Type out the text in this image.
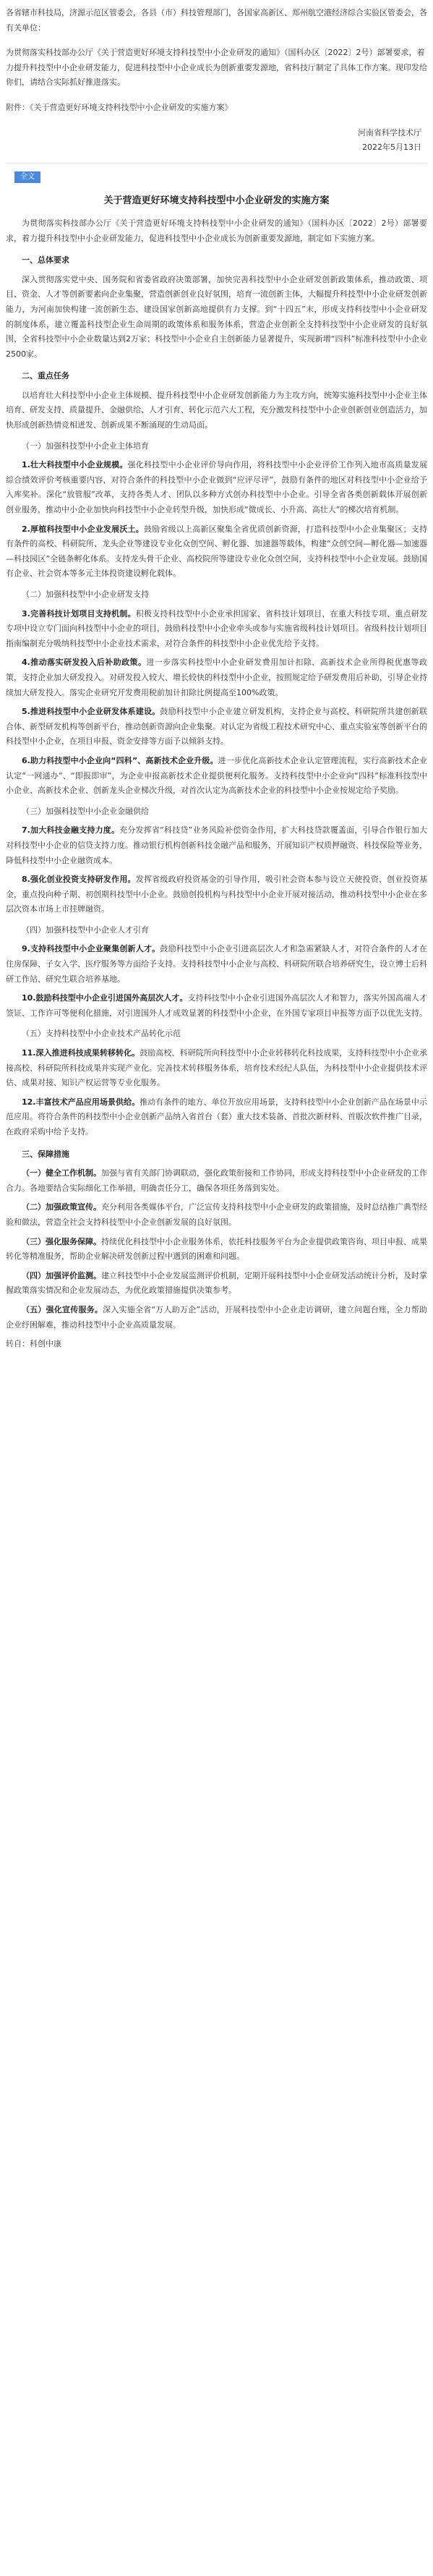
各省辖市科技局，济源示范区管委会，各县（市）科技管理部门，各国家高新区、郑州航空港经济综合实验区管委会，各有关单位：

为贯彻落实科技部办公厅《关于营造更好环境支持科技型中小企业研发的通知》（国科办区〔2022〕2号）部署要求，着力提升科技型中小企业研发能力，促进科技型中小企业成长为创新重要发源地，省科技厅制定了具体工作方案。现印发给你们，请结合实际抓好推进落实。

附件：《关于营造更好环境支持科技型中小企业研发的实施方案》

河南省科学技术厅

2022年5月13日

全文
关于营造更好环境支持科技型中小企业研发的实施方案

为贯彻落实科技部办公厅《关于营造更好环境支持科技型中小企业研发的通知》（国科办区〔2022〕2号）部署要求，着力提升科技型中小企业研发能力，促进科技型中小企业成长为创新重要发源地，制定如下实施方案。

一、总体要求

深入贯彻落实党中央、国务院和省委省政府决策部署，加快完善科技型中小企业研发创新政策体系，推动政策、项目、资金、人才等创新要素向企业集聚，营造创新创业良好氛围，培育一流创新主体，大幅提升科技型中小企业研发创新能力，为河南加快构建一流创新生态、建设国家创新高地提供有力支撑。到“十四五”末，形成支持科技型中小企业研发的制度体系，建立覆盖科技型企业生命周期的政策体系和服务体系，营造企业创新全支持科技型中小企业研发的良好氛围，全省科技型中小企业数量达到2万家；科技型中小企业自主创新能力显著提升，实现新增“四科”标准科技型中小企业2500家。

二、重点任务

以培育壮大科技型中小企业主体规模、提升科技型中小企业研发创新能力为主攻方向，统筹实施科技型中小企业主体培育、研发支持、质量提升、金融供给、人才引育、转化示范六大工程，充分激发科技型中小企业创新创业创造活力，加快形成创新热情竞相迸发、创新成果不断涌现的生动局面。

（一）加强科技型中小企业主体培育

1.壮大科技型中小企业规模。强化科技型中小企业评价导向作用，将科技型中小企业评价工作列入地市高质量发展综合绩效评价考核重要内容，对符合条件的科技型中小企业做到“应评尽评”，鼓励有条件的地区对科技型中小企业给予入库奖补。深化“放管服”改革，支持各类人才、团队以多种方式创办科技型中小企业。引导全省各类创新载体开展创新创业服务，推动中小企业加快向科技型中小企业转型升级，加快形成“微成长、小升高、高壮大”的梯次培育机制。

2.厚植科技型中小企业发展沃土。鼓励省级以上高新区聚集全省优质创新资源，打造科技型中小企业集聚区；支持有条件的高校、科研院所、龙头企业等建设专业化众创空间、孵化器、加速器等载体，构建“众创空间—孵化器—加速器—科技园区”全链条孵化体系。支持龙头骨干企业、高校院所等建设专业化众创空间，支持科技型中小企业发展。鼓励国有企业、社会资本等多元主体投资建设孵化载体。

（二）加强科技型中小企业研发支持

3.完善科技计划项目支持机制。积极支持科技型中小企业承担国家、省科技计划项目，在重大科技专项、重点研发专项中设立专门面向科技型中小企业的项目，鼓励科技型中小企业牵头或参与实施省级科技计划项目。省级科技计划项目指南编制充分吸纳科技型中小企业技术需求，对符合条件的科技型中小企业优先给予支持。

4.推动落实研发投入后补助政策。进一步落实科技型中小企业研发费用加计扣除、高新技术企业所得税优惠等政策，支持企业加大研发投入。对研发投入较大、增长较快的科技型中小企业，按照规定给予研发费用后补助，引导企业持续加大研发投入。落实企业研究开发费用税前加计扣除比例提高至100%政策。

5.推进科技型中小企业研发体系建设。鼓励科技型中小企业建立研发机构，支持企业与高校、科研院所共建创新联合体、新型研发机构等创新平台，推动创新资源向企业集聚。对认定为省级工程技术研究中心、重点实验室等创新平台的科技型中小企业，在项目申报、资金安排等方面予以倾斜支持。

6.助力科技型中小企业向“四科”、高新技术企业升级。进一步优化高新技术企业认定管理流程，实行高新技术企业认定“一网通办”、“即报即审”，为企业申报高新技术企业提供便利化服务。支持科技型中小企业向“四科”标准科技型中小企业、高新技术企业、创新龙头企业梯次升级，对首次认定为高新技术企业的科技型中小企业按规定给予奖励。

（三）加强科技型中小企业金融供给

7.加大科技金融支持力度。充分发挥省“科技贷”业务风险补偿资金作用，扩大科技贷款覆盖面，引导合作银行加大对科技型中小企业的信贷支持力度。推动银行机构创新科技金融产品和服务，开展知识产权质押融资、科技保险等业务，降低科技型中小企业融资成本。

8.强化创业投资支持研发作用。发挥省级政府投资基金的引导作用，吸引社会资本参与设立天使投资、创业投资基金，重点投向种子期、初创期科技型中小企业。鼓励创投机构与科技型中小企业开展对接活动，推动科技型中小企业在多层次资本市场上市挂牌融资。

（四）加强科技型中小企业人才引育

9.支持科技型中小企业聚集创新人才。鼓励科技型中小企业引进高层次人才和急需紧缺人才，对符合条件的人才在住房保障、子女入学、医疗服务等方面给予支持。支持科技型中小企业与高校、科研院所联合培养研究生，设立博士后科研工作站、研究生联合培养基地。

10.鼓励科技型中小企业引进国外高层次人才。支持科技型中小企业引进国外高层次人才和智力，落实外国高端人才签证、工作许可等便利化措施，对引进国外人才成效显著的科技型中小企业，在外国专家项目申报等方面予以优先支持。

（五）支持科技型中小企业技术产品转化示范

11.深入推进科技成果转移转化。鼓励高校、科研院所向科技型中小企业转移转化科技成果，支持科技型中小企业承接高校、科研院所科技成果并实现产业化。完善技术转移服务体系，培育技术经纪人队伍，为科技型中小企业提供技术评估、成果对接、知识产权运营等专业化服务。

12.丰富技术产品应用场景供给。推动有条件的地方、单位开放应用场景，支持科技型中小企业创新产品在场景中示范应用。将符合条件的科技型中小企业创新产品纳入省首台（套）重大技术装备、首批次新材料、首版次软件推广目录，在政府采购中给予支持。

三、保障措施

（一）健全工作机制。加强与省有关部门协调联动，强化政策衔接和工作协同，形成支持科技型中小企业研发的工作合力。各地要结合实际细化工作举措，明确责任分工，确保各项任务落到实处。

（二）加强政策宣传。充分利用各类媒体平台，广泛宣传支持科技型中小企业研发的政策措施，及时总结推广典型经验和做法，营造全社会支持科技型中小企业创新发展的良好氛围。

（三）强化服务保障。持续优化科技型中小企业服务体系，依托科技服务平台为企业提供政策咨询、项目申报、成果转化等精准服务，帮助企业解决研发创新过程中遇到的困难和问题。

（四）加强评价监测。建立科技型中小企业发展监测评价机制，定期开展科技型中小企业研发活动统计分析，及时掌握政策落实情况和企业发展动态，为优化政策措施提供决策参考。

（五）强化宣传服务。深入实施全省“万人助万企”活动，开展科技型中小企业走访调研，建立问题台账，全力帮助企业纾困解难，推动科技型中小企业高质量发展。

转自：科创中康
